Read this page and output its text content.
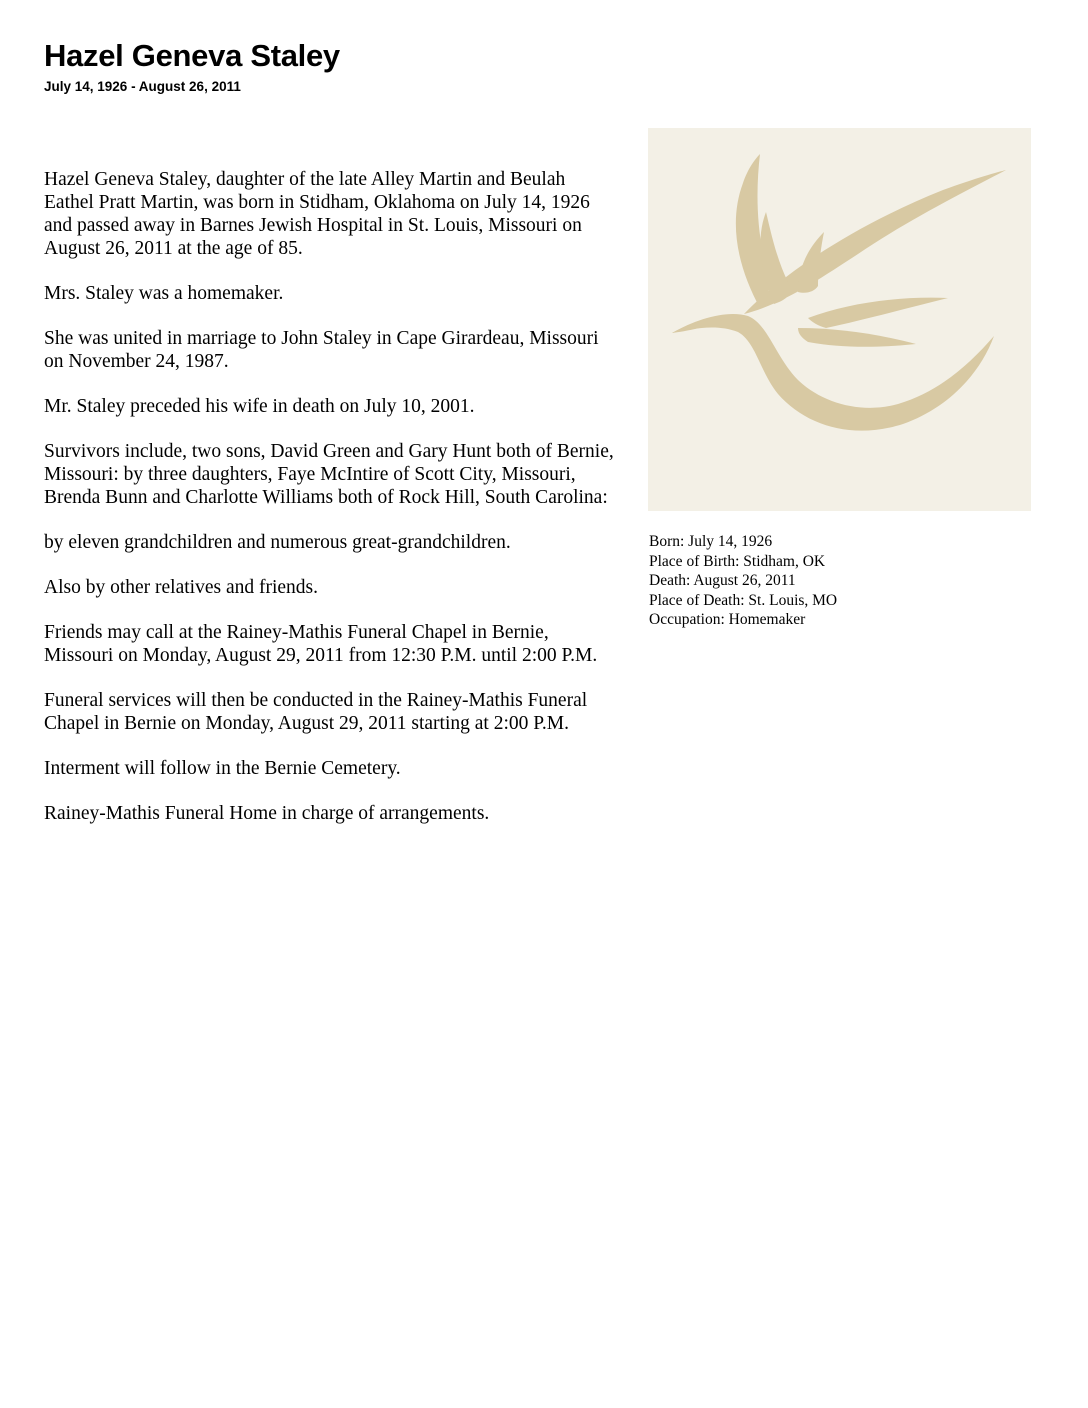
Hazel Geneva Staley
July 14, 1926 - August 26, 2011

Hazel Geneva Staley, daughter of the late Alley Martin and Beulah Eathel Pratt Martin, was born in Stidham, Oklahoma on July 14, 1926 and passed away in Barnes Jewish Hospital in St. Louis, Missouri on August 26, 2011 at the age of 85.

Mrs. Staley was a homemaker.

She was united in marriage to John Staley in Cape Girardeau, Missouri on November 24, 1987.

Mr. Staley preceded his wife in death on July 10, 2001.

Survivors include, two sons, David Green and Gary Hunt both of Bernie, Missouri: by three daughters, Faye McIntire of Scott City, Missouri, Brenda Bunn and Charlotte Williams both of Rock Hill, South Carolina:

by eleven grandchildren and numerous great-grandchildren.

Also by other relatives and friends.

Friends may call at the Rainey-Mathis Funeral Chapel in Bernie, Missouri on Monday, August 29, 2011 from 12:30 P.M. until 2:00 P.M.

Funeral services will then be conducted in the Rainey-Mathis Funeral Chapel in Bernie on Monday, August 29, 2011 starting at 2:00 P.M.

Interment will follow in the Bernie Cemetery.

Rainey-Mathis Funeral Home in charge of arrangements.

Born: July 14, 1926
Place of Birth: Stidham, OK
Death: August 26, 2011
Place of Death: St. Louis, MO
Occupation: Homemaker
